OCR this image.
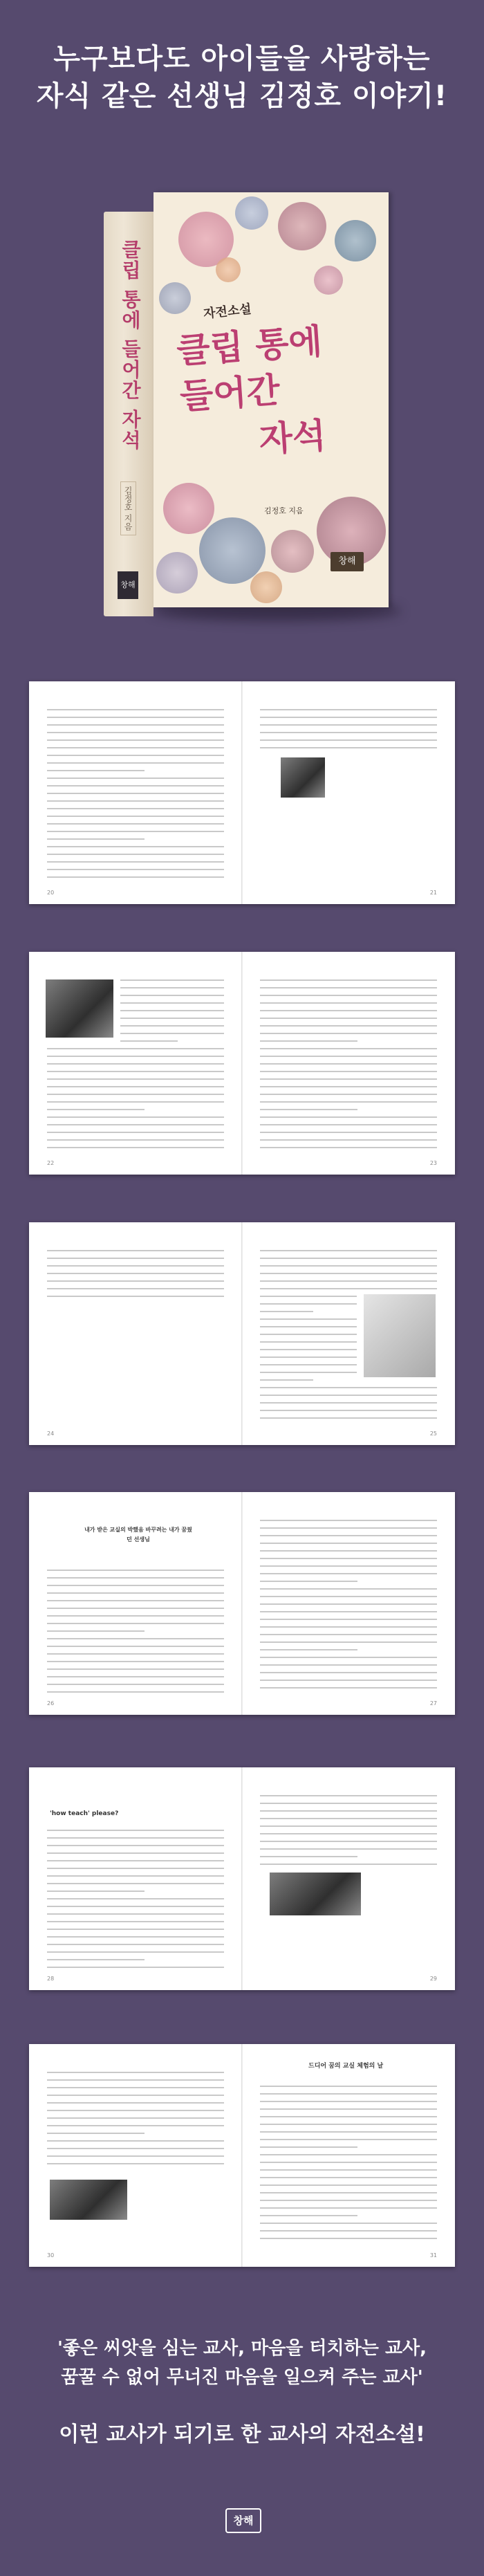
누구보다도 아이들을 사랑하는
자식 같은 선생님 김정호 이야기!
클립 통에 들어간 자석
김정호 지음
창해
자전소설
클립 통에
들어간
자석
김정호 지음
창해
20	21
22	23
24	25
내가 받은 교실의 박했음 바꾸려는 내가 꿈꿨던 선생님
26	27
'how teach' please?
28	29
30
드디어 꿈의 교실 체험의 날
31
'좋은 씨앗을 심는 교사, 마음을 터치하는 교사,
꿈꿀 수 없어 무너진 마음을 일으켜 주는 교사'
이런 교사가 되기로 한 교사의 자전소설!
창해
